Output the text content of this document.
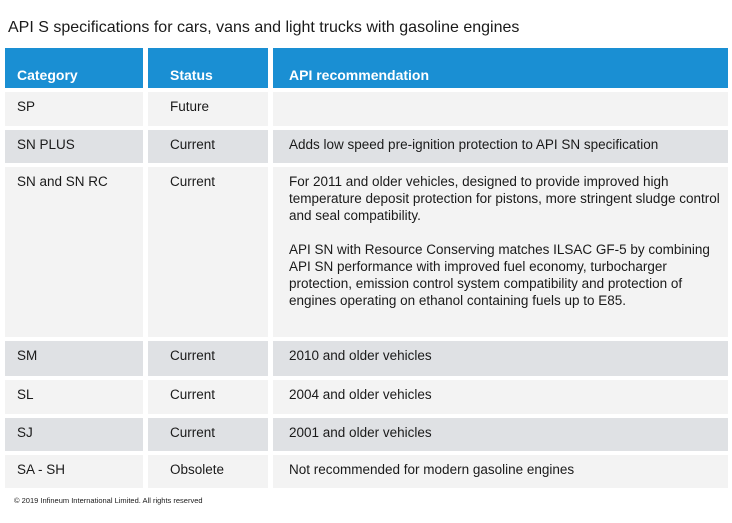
API S specifications for cars, vans and light trucks with gasoline engines
Category	Status	API recommendation
SP	Future

SN PLUS	Current	Adds low speed pre-ignition protection to API SN specification

SN and SN RC	Current	For 2011 and older vehicles, designed to provide improved high temperature deposit protection for pistons, more stringent sludge control and seal compatibility.

API SN with Resource Conserving matches ILSAC GF-5 by combining API SN performance with improved fuel economy, turbocharger protection, emission control system compatibility and protection of engines operating on ethanol containing fuels up to E85.

SM	Current	2010 and older vehicles

SL	Current	2004 and older vehicles

SJ	Current	2001 and older vehicles

SA - SH	Obsolete	Not recommended for modern gasoline engines

© 2019 Infineum International Limited. All rights reserved
